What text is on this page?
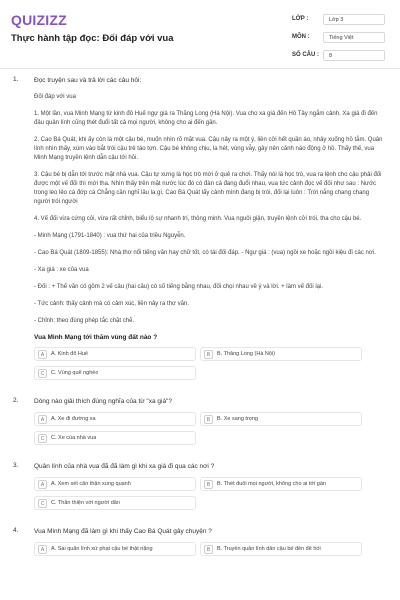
QUIZIZZ
Thực hành tập đọc: Đối đáp với vua
LỚP :	Lớp 3
MÔN :	Tiếng Việt
SỐ CÂU :	8
1. Đọc truyện sau và trả lời các câu hỏi:

Đối đáp với vua

1. Một lần, vua Minh Mạng từ kinh đô Huế ngự giá ra Thăng Long (Hà Nội). Vua cho xa giá đến Hồ Tây ngắm cảnh. Xa giá đi đến đâu quân lính cũng thét đuổi tất cả mọi người, không cho ai đến gần.

2. Cao Bá Quát, khi ấy còn là một cậu bé, muốn nhìn rõ mặt vua. Cậu nảy ra một ý, liền cởi hết quần áo, nhảy xuống hồ tắm. Quân lính nhìn thấy, xúm vào bắt trói cậu trẻ táo tợn. Cậu bé không chịu, la hét, vùng vẫy, gây nên cảnh náo động ở hồ. Thấy thế, vua Minh Mạng truyền lệnh dẫn cậu tới hỏi.

3. Cậu bé bị dẫn tới trước mặt nhà vua. Cậu tự xưng là học trò mới ở quê ra chơi. Thấy nói là học trò, vua ra lệnh cho cậu phải đối được một vế đối thì mới tha. Nhìn thấy trên mặt nước lúc đó có đàn cá đang đuổi nhau, vua tức cảnh đọc vế đối như sau : Nước trong leo lẻo cá đớp cá Chẳng cần nghĩ lâu la gì, Cao Bá Quát lấy cảnh mình đang bị trói, đối lại luôn : Trời nắng chang chang người trói người

4. Vế đối vừa cứng cỏi, vừa rất chỉnh, biểu lộ sự nhanh trí, thông minh. Vua nguôi giận, truyền lệnh cởi trói, tha cho cậu bé.

- Minh Mạng (1791-1840) : vua thứ hai của triều Nguyễn.

- Cao Bá Quát (1809-1855): Nhà thơ nổi tiếng văn hay chữ tốt, có tài đối đáp. - Ngự giá : (vua) ngồi xe hoặc ngồi kiệu đi các nơi.

- Xa giá : xe của vua

- Đối : + Thế văn có gồm 2 vế câu (hai câu) có số tiếng bằng nhau, đối chọi nhau về ý và lời. + làm vế đối lại.

- Tức cảnh: thấy cảnh mà có cảm xúc, liền nảy ra thơ văn.

- Chỉnh: theo đúng phép tắc chặt chẽ.

Vua Minh Mạng tới thăm vùng đất nào ?
A	A. Kinh đô Huế	B	B. Thăng Long (Hà Nội)
C	C. Vùng quê nghèo
2. Dòng nào giải thích đúng nghĩa của từ "xa giá"?
A	A. Xe đi đường xa	B	B. Xe sang trọng
C	C. Xe của nhà vua
3. Quân lính của nhà vua đã đã làm gì khi xa giá đi qua các nơi ?
A	A. Xem xét cẩn thận xung quanh	B	B. Thét đuổi mọi người, không cho ai tới gần
C	C. Thân thiện với người dân
4. Vua Minh Mạng đã làm gì khi thấy Cao Bá Quát gây chuyện ?
A	A. Sai quân lính xử phạt cậu bé thật nặng	B	B. Truyền quân lính dẫn cậu bé đến để hỏi
